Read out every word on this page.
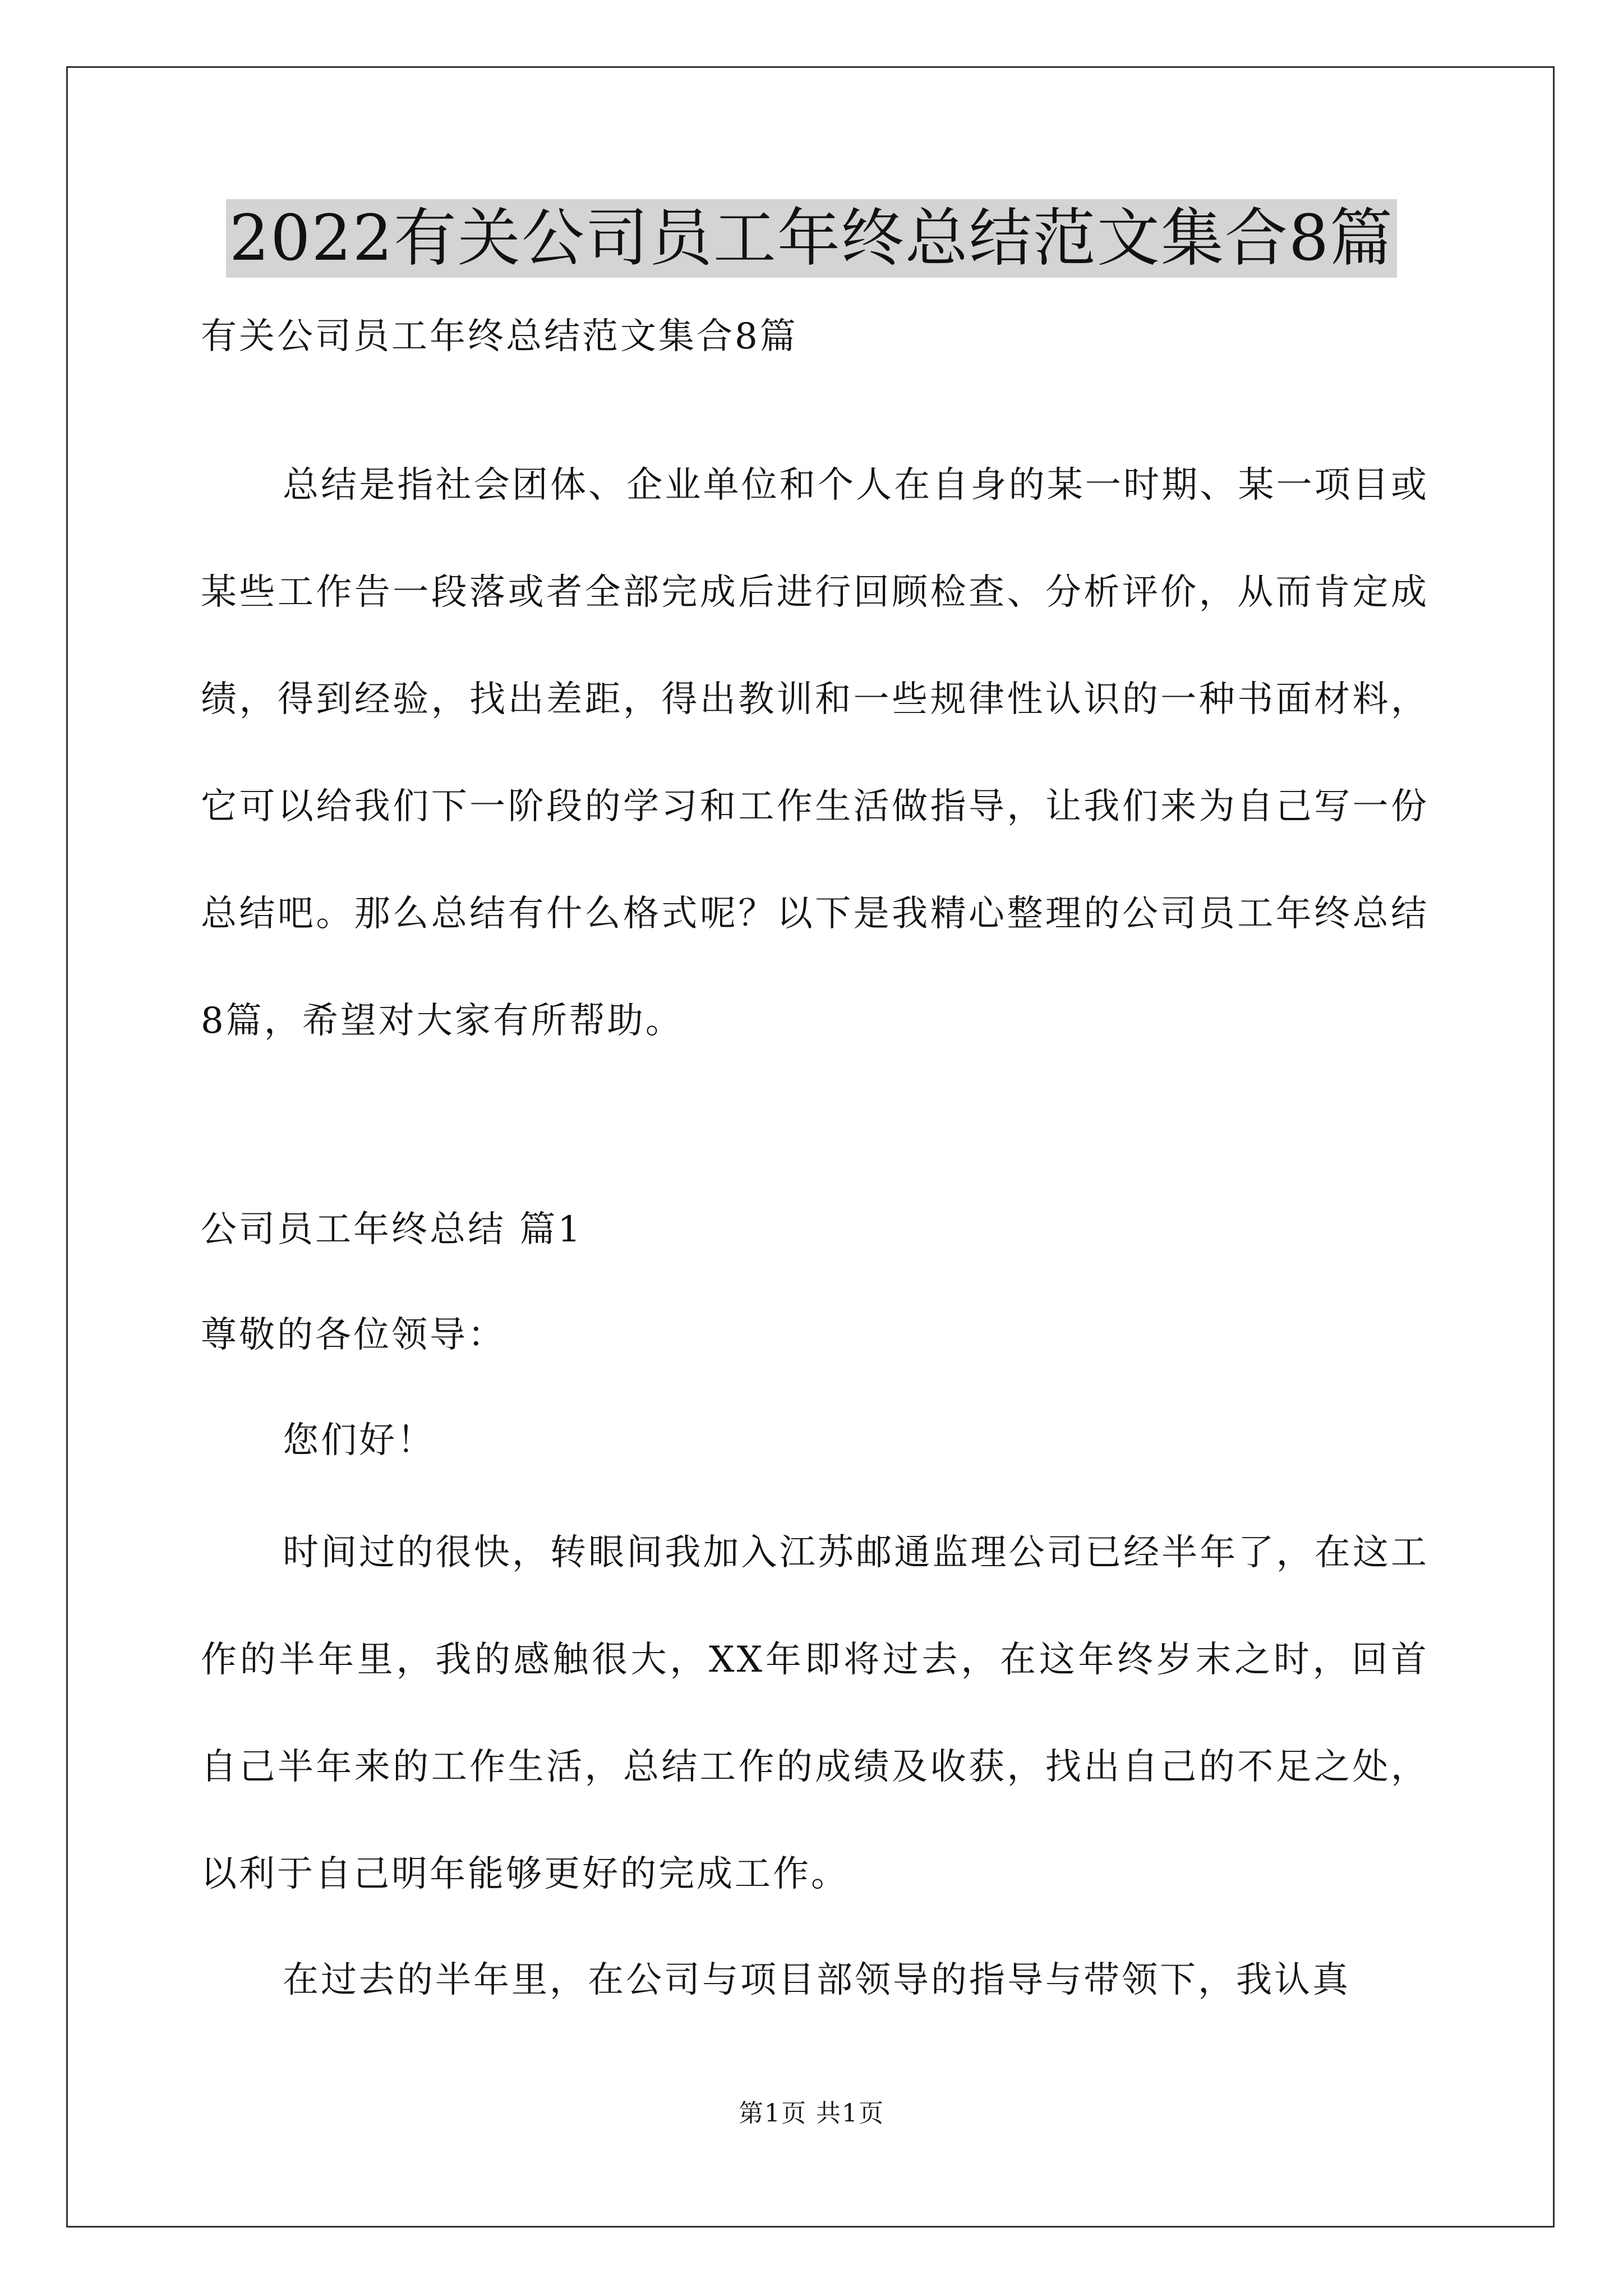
2022有关公司员工年终总结范文集合8篇
有关公司员工年终总结范文集合8篇
总结是指社会团体、企业单位和个人在自身的某一时期、某一项目或某些工作告一段落或者全部完成后进行回顾检查、分析评价，从而肯定成绩，得到经验，找出差距，得出教训和一些规律性认识的一种书面材料，它可以给我们下一阶段的学习和工作生活做指导，让我们来为自己写一份总结吧。那么总结有什么格式呢？以下是我精心整理的公司员工年终总结8篇，希望对大家有所帮助。
公司员工年终总结 篇1
尊敬的各位领导：
您们好！
时间过的很快，转眼间我加入江苏邮通监理公司已经半年了，在这工作的半年里，我的感触很大，XX年即将过去，在这年终岁末之时，回首自己半年来的工作生活，总结工作的成绩及收获，找出自己的不足之处，以利于自己明年能够更好的完成工作。
在过去的半年里，在公司与项目部领导的指导与带领下，我认真
第1页 共1页
